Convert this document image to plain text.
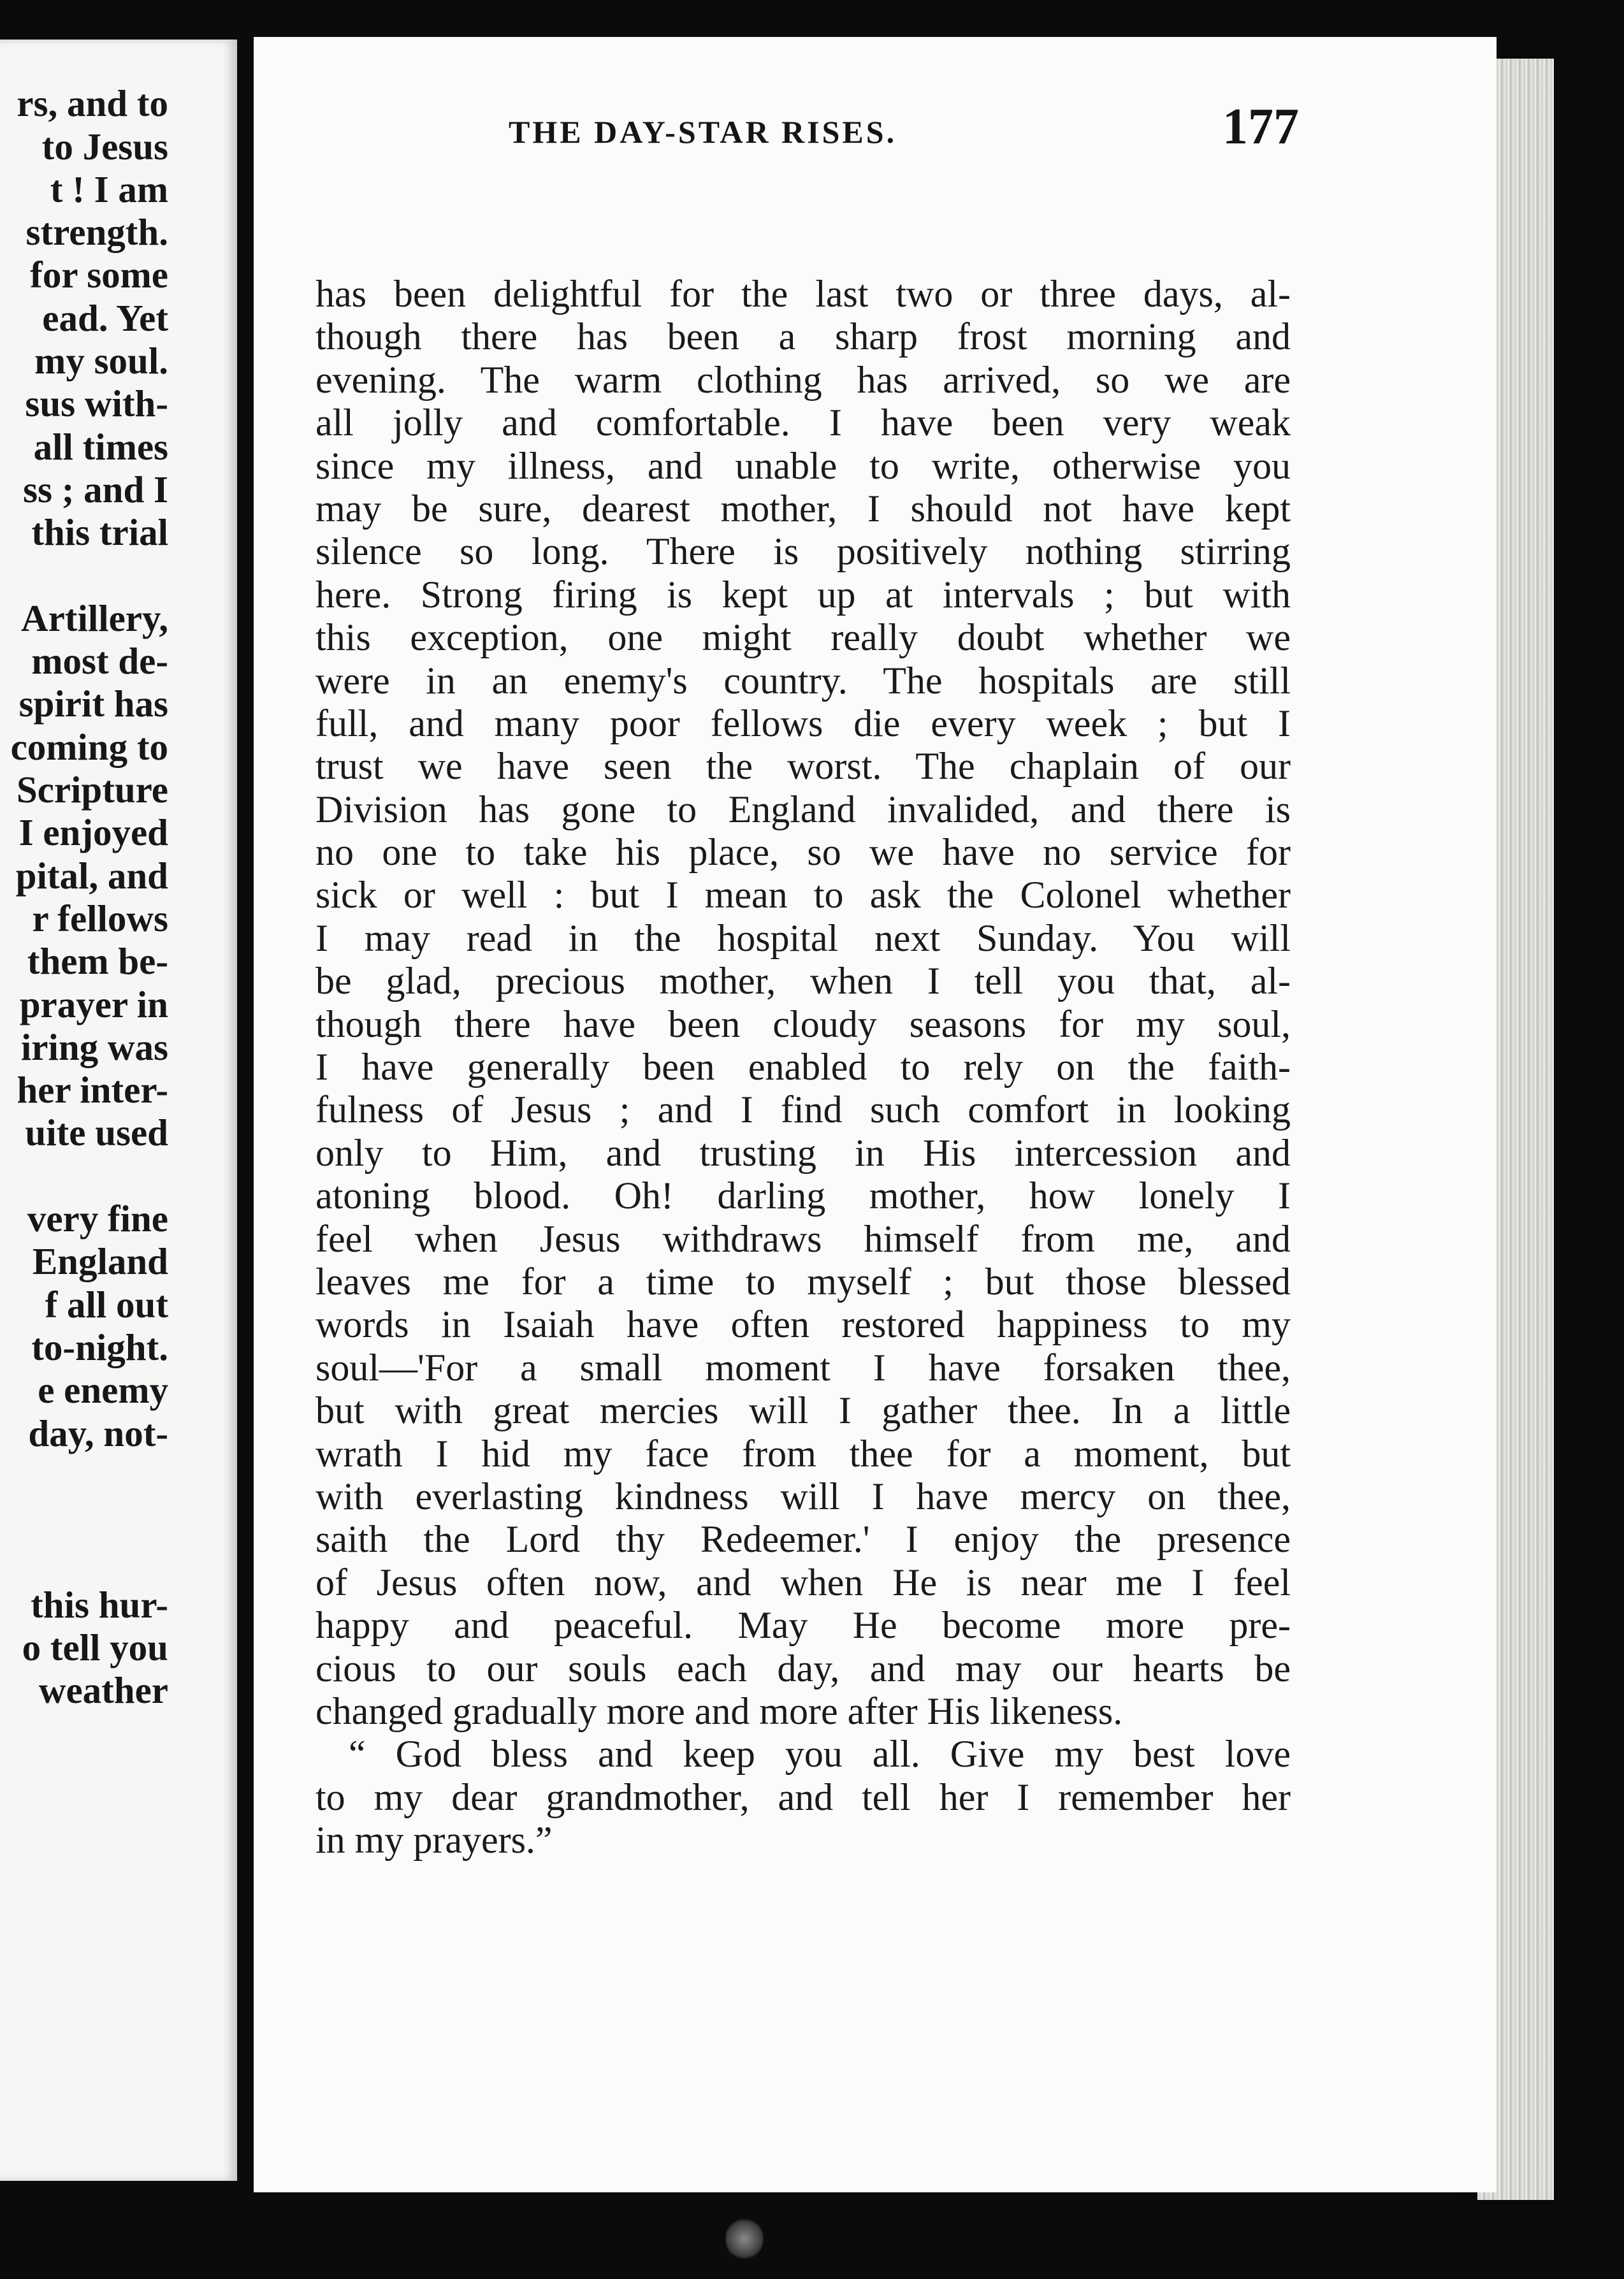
rs, and to
to Jesus
t ! I am
strength.
for some
ead. Yet
my soul.
sus with-
all times
ss ; and I
this trial
Artillery,
most de-
spirit has
coming to
Scripture
I enjoyed
pital, and
r fellows
them be-
prayer in
iring was
her inter-
uite used
very fine
England
f all out
to-night.
e enemy
day, not-
this hur-
o tell you
weather
THE DAY-STAR RISES.	177
has been delightful for the last two or three days, al-
though there has been a sharp frost morning and
evening. The warm clothing has arrived, so we are
all jolly and comfortable. I have been very weak
since my illness, and unable to write, otherwise you
may be sure, dearest mother, I should not have kept
silence so long. There is positively nothing stirring
here. Strong firing is kept up at intervals ; but with
this exception, one might really doubt whether we
were in an enemy's country. The hospitals are still
full, and many poor fellows die every week ; but I
trust we have seen the worst. The chaplain of our
Division has gone to England invalided, and there is
no one to take his place, so we have no service for
sick or well : but I mean to ask the Colonel whether
I may read in the hospital next Sunday. You will
be glad, precious mother, when I tell you that, al-
though there have been cloudy seasons for my soul,
I have generally been enabled to rely on the faith-
fulness of Jesus ; and I find such comfort in looking
only to Him, and trusting in His intercession and
atoning blood. Oh! darling mother, how lonely I
feel when Jesus withdraws himself from me, and
leaves me for a time to myself ; but those blessed
words in Isaiah have often restored happiness to my
soul—'For a small moment I have forsaken thee,
but with great mercies will I gather thee. In a little
wrath I hid my face from thee for a moment, but
with everlasting kindness will I have mercy on thee,
saith the Lord thy Redeemer.' I enjoy the presence
of Jesus often now, and when He is near me I feel
happy and peaceful. May He become more pre-
cious to our souls each day, and may our hearts be
changed gradually more and more after His likeness.
“ God bless and keep you all. Give my best love
to my dear grandmother, and tell her I remember her
in my prayers.”
